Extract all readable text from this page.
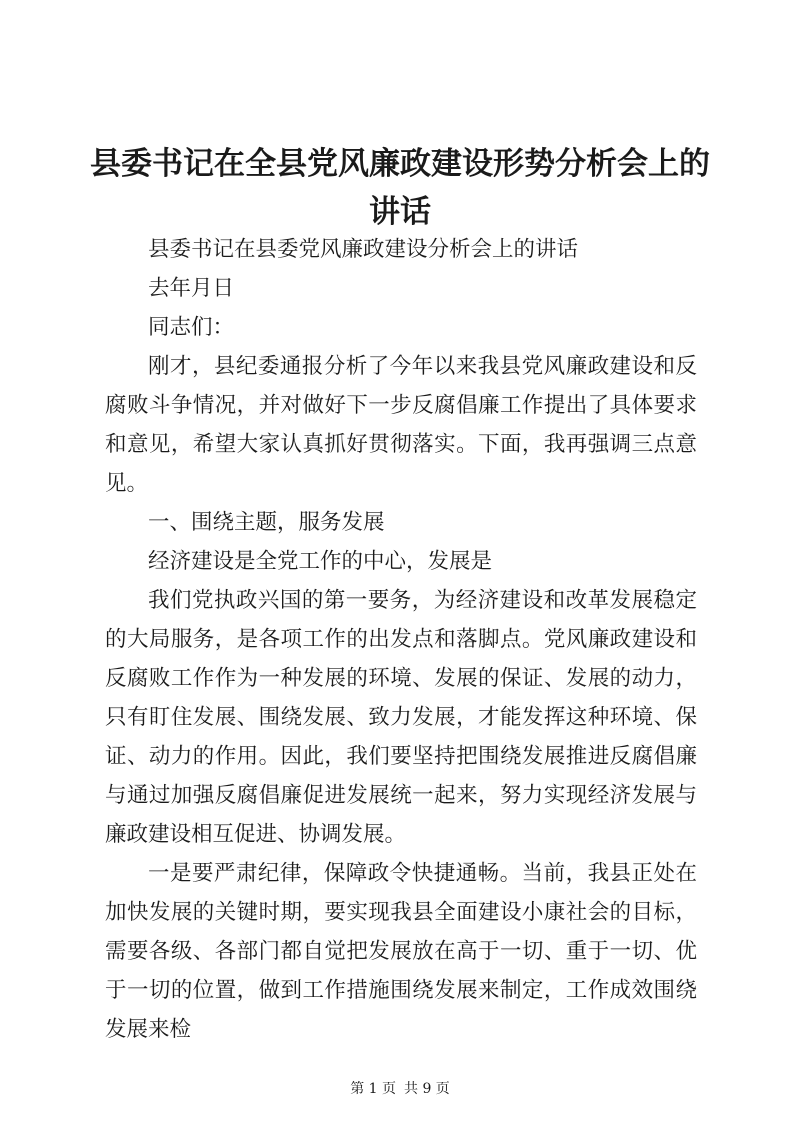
县委书记在全县党风廉政建设形势分析会上的讲话

县委书记在县委党风廉政建设分析会上的讲话

去年月日

同志们：

刚才，县纪委通报分析了今年以来我县党风廉政建设和反腐败斗争情况，并对做好下一步反腐倡廉工作提出了具体要求和意见，希望大家认真抓好贯彻落实。下面，我再强调三点意见。

一、围绕主题，服务发展

经济建设是全党工作的中心，发展是

我们党执政兴国的第一要务，为经济建设和改革发展稳定的大局服务，是各项工作的出发点和落脚点。党风廉政建设和反腐败工作作为一种发展的环境、发展的保证、发展的动力，只有盯住发展、围绕发展、致力发展，才能发挥这种环境、保证、动力的作用。因此，我们要坚持把围绕发展推进反腐倡廉与通过加强反腐倡廉促进发展统一起来，努力实现经济发展与廉政建设相互促进、协调发展。

一是要严肃纪律，保障政令快捷通畅。当前，我县正处在加快发展的关键时期，要实现我县全面建设小康社会的目标，需要各级、各部门都自觉把发展放在高于一切、重于一切、优于一切的位置，做到工作措施围绕发展来制定，工作成效围绕发展来检

第 1 页 共 9 页
